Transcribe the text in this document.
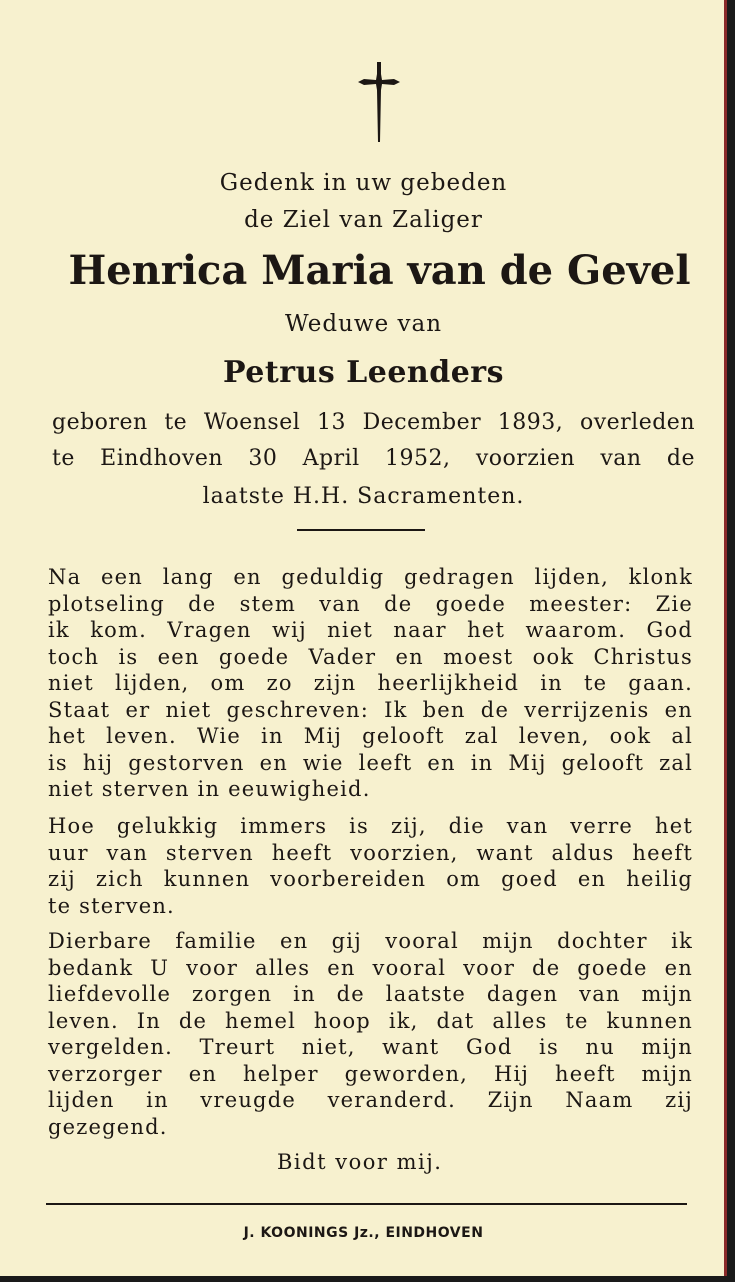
Gedenk in uw gebeden
de Ziel van Zaliger
Henrica Maria van de Gevel
Weduwe van
Petrus Leenders
geboren te Woensel 13 December 1893, overleden
te Eindhoven 30 April 1952, voorzien van de
laatste H.H. Sacramenten.
Na een lang en geduldig gedragen lijden, klonk
plotseling de stem van de goede meester: Zie
ik kom. Vragen wij niet naar het waarom. God
toch is een goede Vader en moest ook Christus
niet lijden, om zo zijn heerlijkheid in te gaan.
Staat er niet geschreven: Ik ben de verrijzenis en
het leven. Wie in Mij gelooft zal leven, ook al
is hij gestorven en wie leeft en in Mij gelooft zal
niet sterven in eeuwigheid.
Hoe gelukkig immers is zij, die van verre het
uur van sterven heeft voorzien, want aldus heeft
zij zich kunnen voorbereiden om goed en heilig
te sterven.
Dierbare familie en gij vooral mijn dochter ik
bedank U voor alles en vooral voor de goede en
liefdevolle zorgen in de laatste dagen van mijn
leven. In de hemel hoop ik, dat alles te kunnen
vergelden. Treurt niet, want God is nu mijn
verzorger en helper geworden, Hij heeft mijn
lijden in vreugde veranderd. Zijn Naam zij
gezegend.
Bidt voor mij.
J. KOONINGS Jz., EINDHOVEN
